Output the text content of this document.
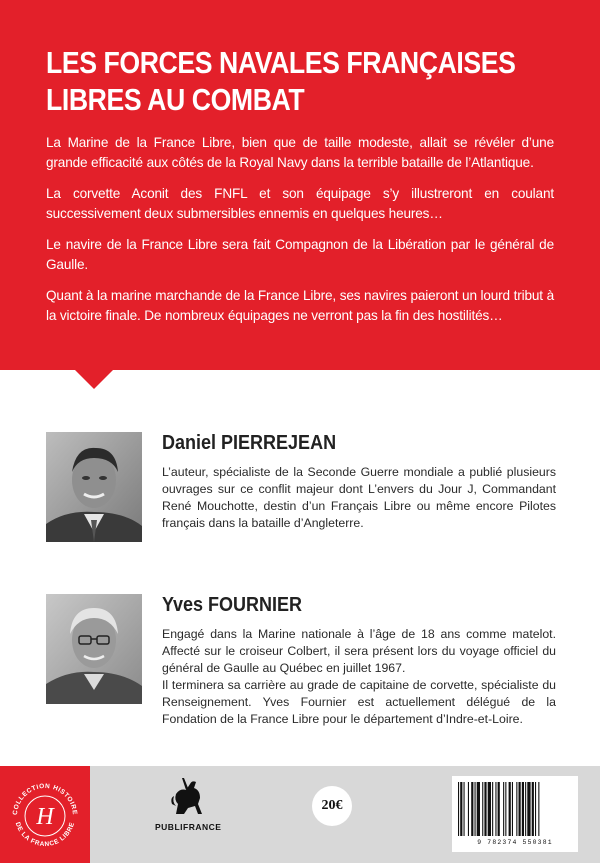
LES FORCES NAVALES FRANÇAISES
LIBRES AU COMBAT

La Marine de la France Libre, bien que de taille modeste, allait se révéler d’une grande efficacité aux côtés de la Royal Navy dans la terrible bataille de l’Atlantique.

La corvette Aconit des FNFL et son équipage s’y illustreront en coulant successivement deux submersibles ennemis en quelques heures…

Le navire de la France Libre sera fait Compagnon de la Libération par le général de Gaulle.

Quant à la marine marchande de la France Libre, ses navires paieront un lourd tribut à la victoire finale. De nombreux équipages ne verront pas la fin des hostilités…

Daniel PIERREJEAN
L’auteur, spécialiste de la Seconde Guerre mondiale a publié plusieurs ouvrages sur ce conflit majeur dont L’envers du Jour J, Commandant René Mouchotte, destin d’un Français Libre ou même encore Pilotes français dans la bataille d’Angleterre.
Yves FOURNIER
Engagé dans la Marine nationale à l’âge de 18 ans comme matelot. Affecté sur le croiseur Colbert, il sera présent lors du voyage officiel du général de Gaulle au Québec en juillet 1967.
Il terminera sa carrière au grade de capitaine de corvette, spécialiste du Renseignement. Yves Fournier est actuellement délégué de la Fondation de la France Libre pour le département d’Indre-et-Loire.
COLLECTION HISTOIRE
DE LA FRANCE LIBRE
H	PUBLIFRANCE
20€
9 782374 550381
